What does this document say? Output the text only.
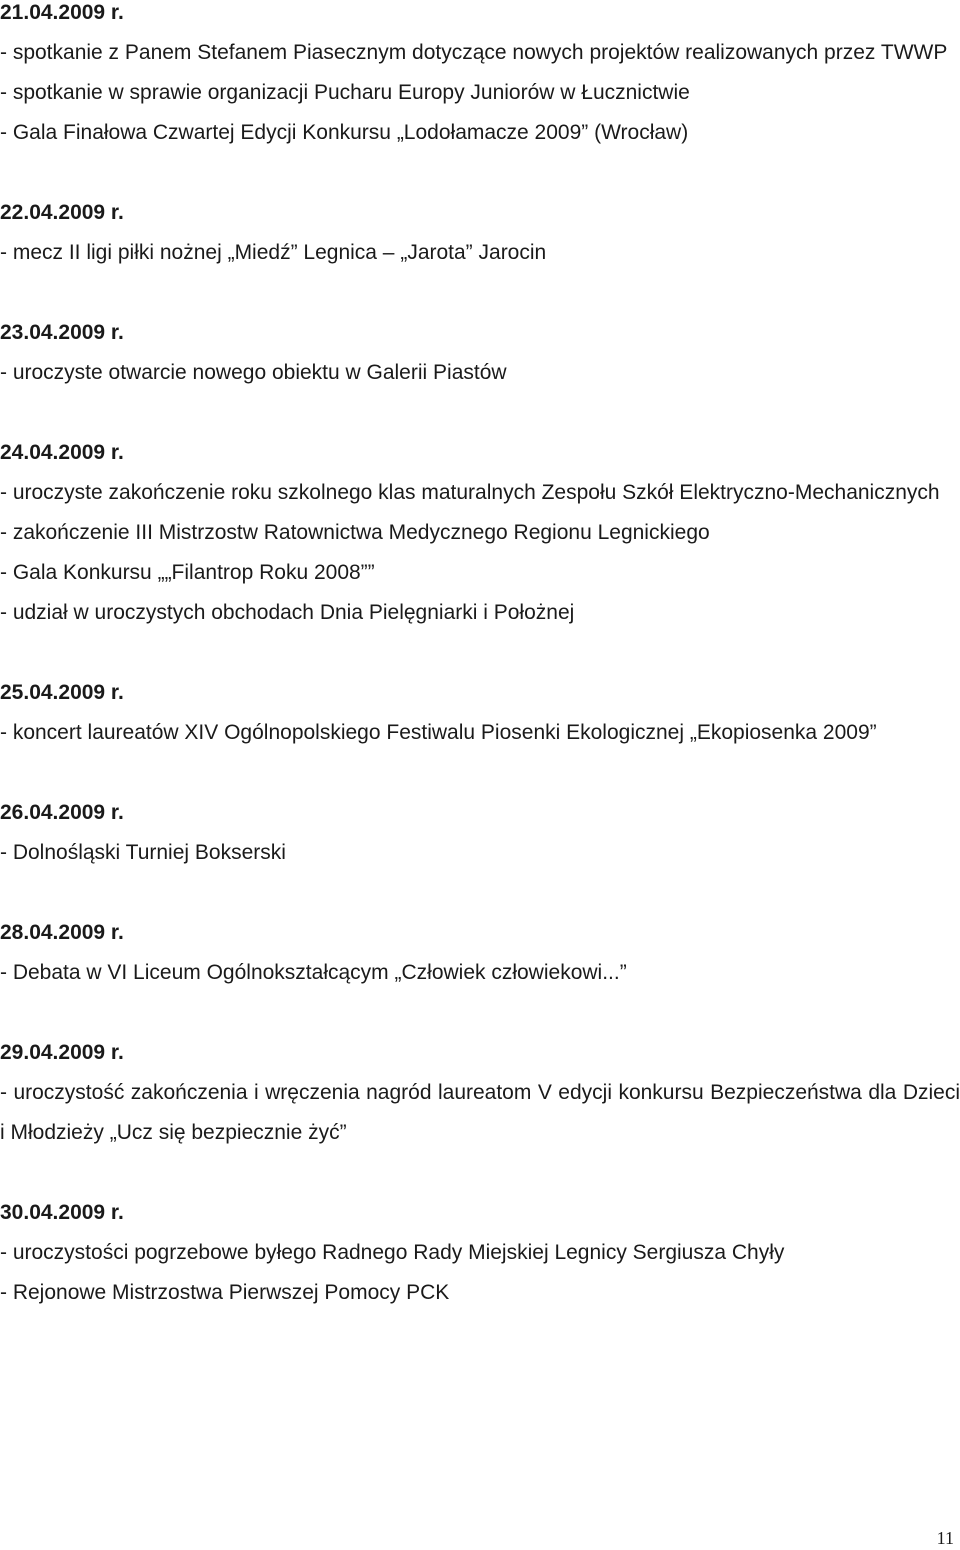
21.04.2009 r.
- spotkanie z Panem Stefanem Piasecznym dotyczące nowych projektów realizowanych przez TWWP
- spotkanie w sprawie organizacji Pucharu Europy Juniorów w Łucznictwie
- Gala Finałowa Czwartej Edycji Konkursu „Lodołamacze 2009” (Wrocław)
22.04.2009 r.
- mecz II ligi piłki nożnej „Miedź” Legnica – „Jarota” Jarocin
23.04.2009 r.
- uroczyste otwarcie nowego obiektu w Galerii Piastów
24.04.2009 r.
- uroczyste zakończenie roku szkolnego klas maturalnych Zespołu Szkół Elektryczno-Mechanicznych
- zakończenie III Mistrzostw Ratownictwa Medycznego Regionu Legnickiego
- Gala Konkursu „„Filantrop Roku 2008””
- udział w uroczystych obchodach Dnia Pielęgniarki i Położnej
25.04.2009 r.
- koncert laureatów XIV Ogólnopolskiego Festiwalu Piosenki Ekologicznej „Ekopiosenka 2009”
26.04.2009 r.
- Dolnośląski Turniej Bokserski
28.04.2009 r.
- Debata w VI Liceum Ogólnokształcącym „Człowiek człowiekowi...”
29.04.2009 r.
- uroczystość zakończenia i wręczenia nagród laureatom V edycji konkursu Bezpieczeństwa dla Dzieci i Młodzieży „Ucz się bezpiecznie żyć”
30.04.2009 r.
- uroczystości pogrzebowe byłego Radnego Rady Miejskiej Legnicy Sergiusza Chyły
- Rejonowe Mistrzostwa Pierwszej Pomocy PCK
11
